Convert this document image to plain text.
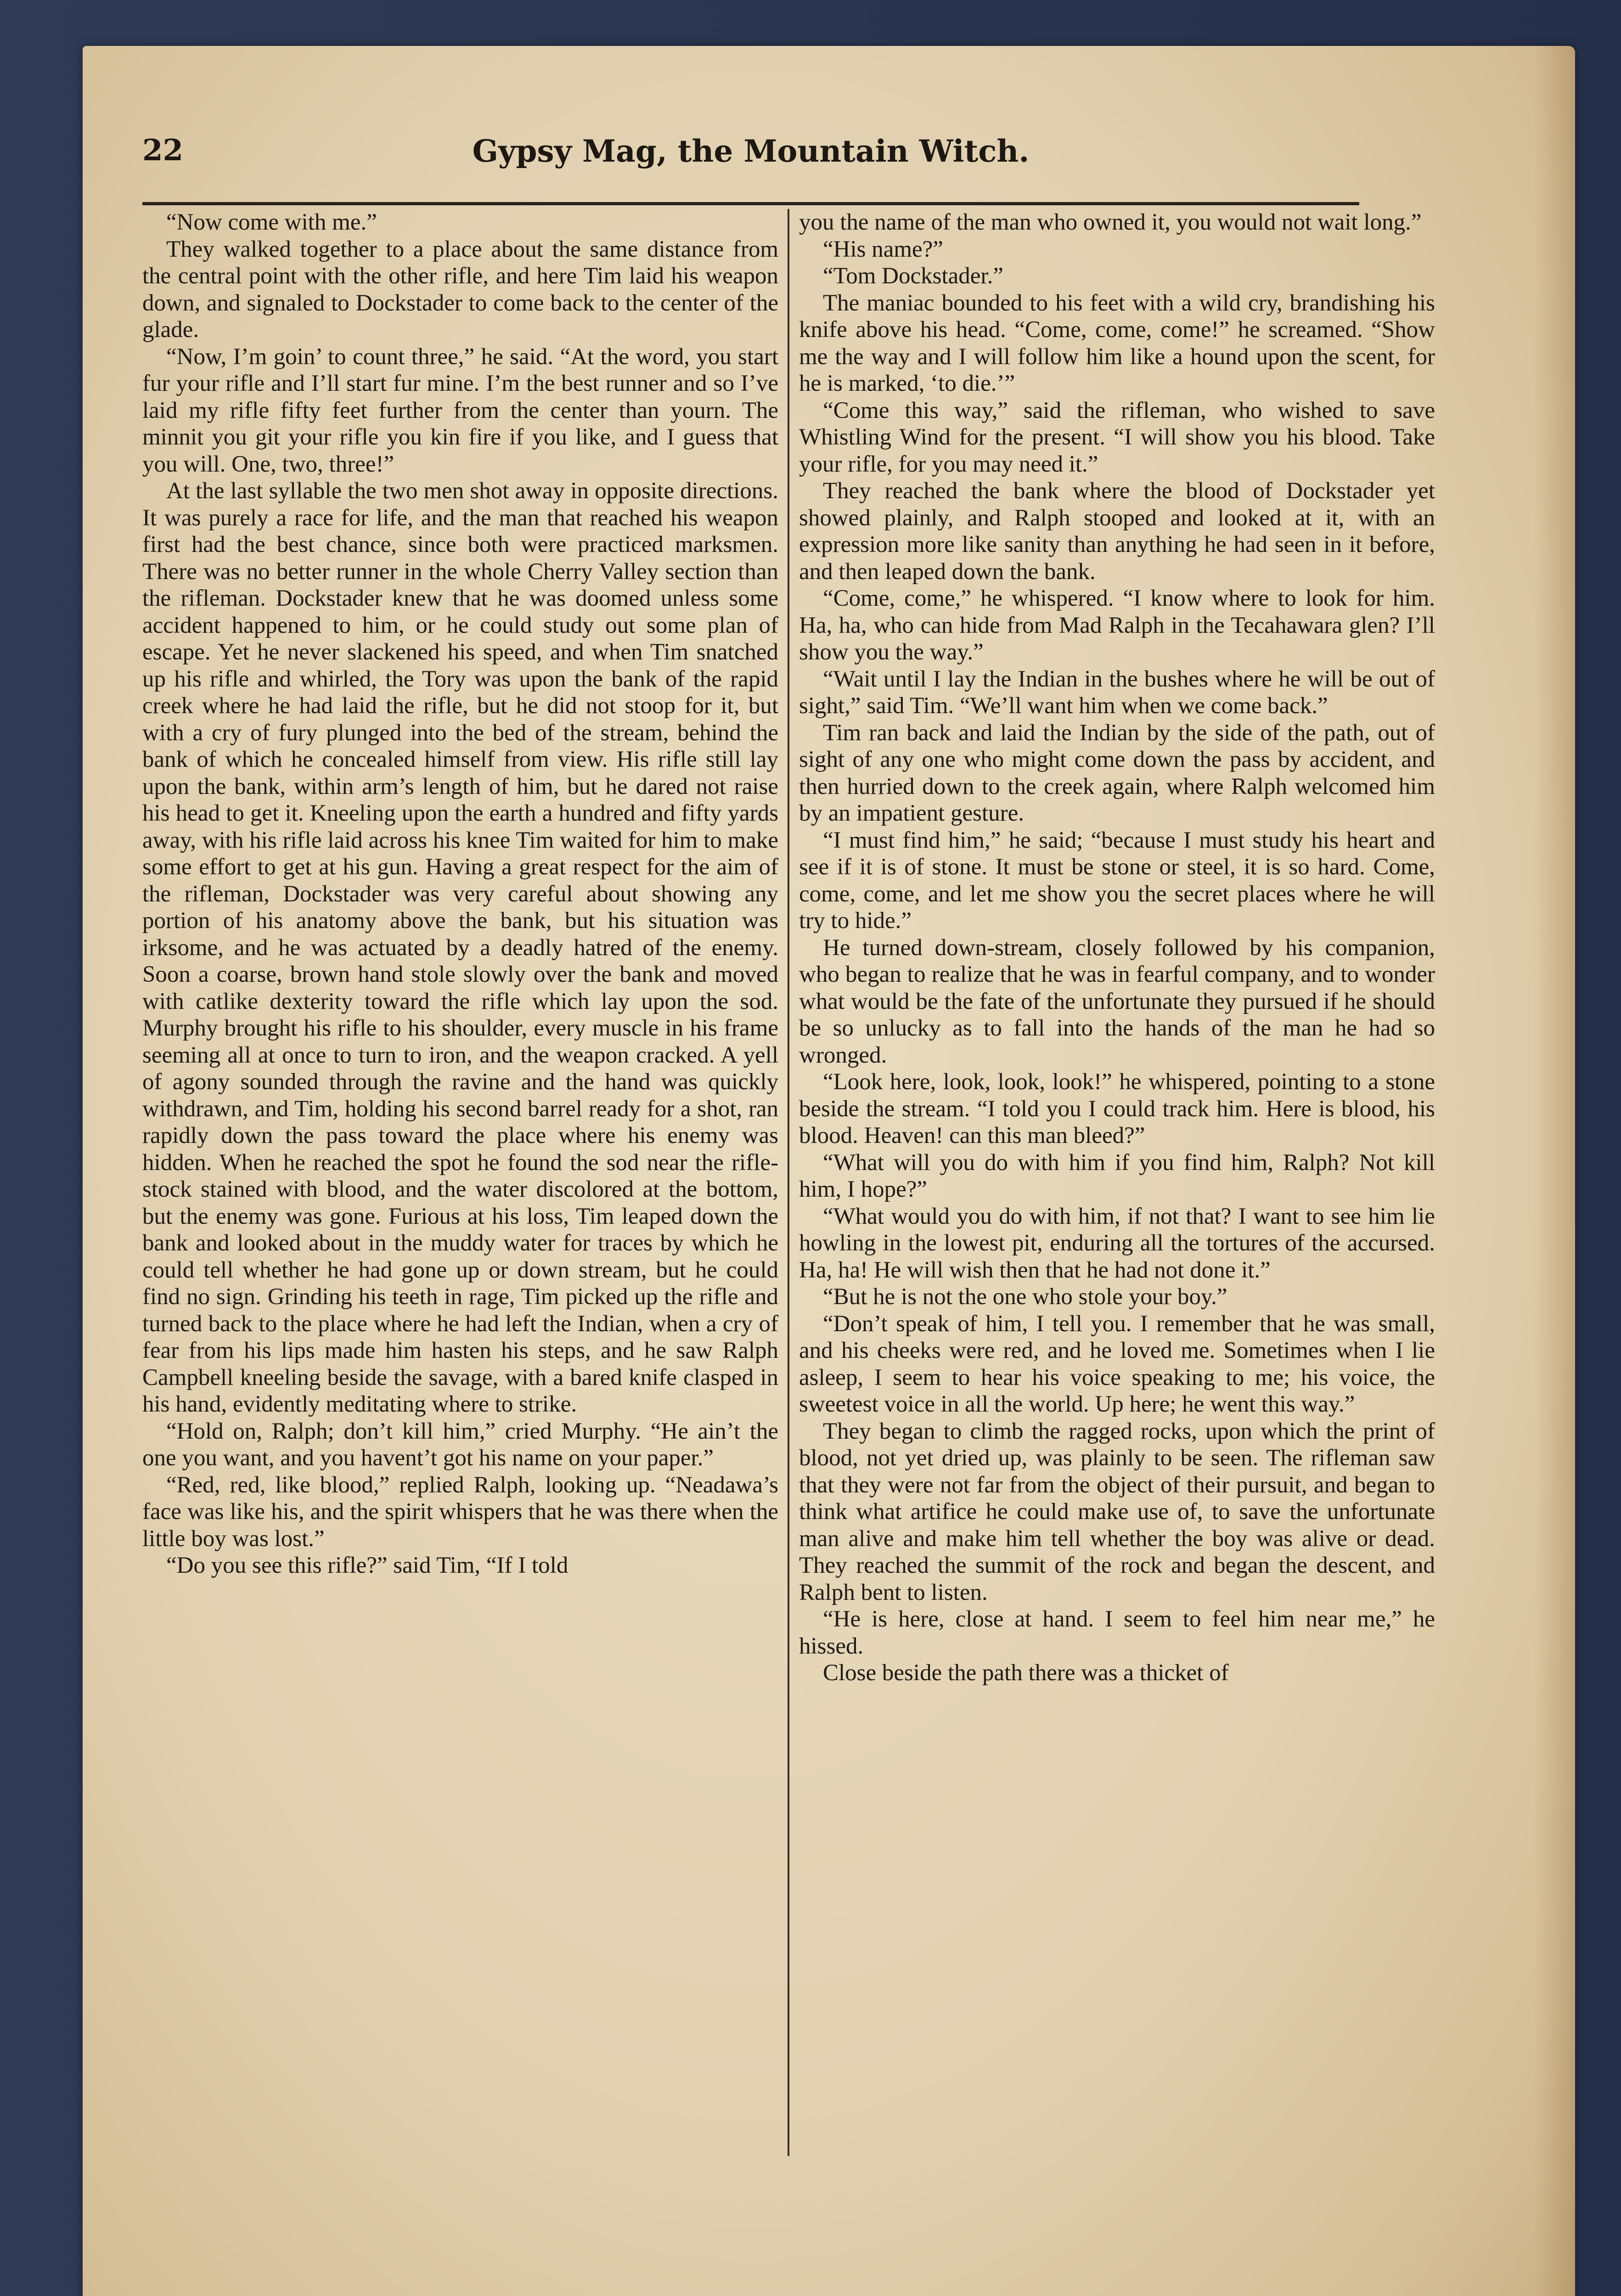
22	Gypsy Mag, the Mountain Witch.

“Now come with me.”

They walked together to a place about the same distance from the central point with the other rifle, and here Tim laid his weapon down, and signaled to Dockstader to come back to the center of the glade.

“Now, I’m goin’ to count three,” he said. “At the word, you start fur your rifle and I’ll start fur mine. I’m the best runner and so I’ve laid my rifle fifty feet further from the center than yourn. The minnit you git your rifle you kin fire if you like, and I guess that you will. One, two, three!”

At the last syllable the two men shot away in opposite directions. It was purely a race for life, and the man that reached his weapon first had the best chance, since both were practiced marksmen. There was no better runner in the whole Cherry Valley section than the rifleman. Dockstader knew that he was doomed unless some accident happened to him, or he could study out some plan of escape. Yet he never slackened his speed, and when Tim snatched up his rifle and whirled, the Tory was upon the bank of the rapid creek where he had laid the rifle, but he did not stoop for it, but with a cry of fury plunged into the bed of the stream, behind the bank of which he concealed himself from view. His rifle still lay upon the bank, within arm’s length of him, but he dared not raise his head to get it. Kneeling upon the earth a hundred and fifty yards away, with his rifle laid across his knee Tim waited for him to make some effort to get at his gun. Having a great respect for the aim of the rifleman, Dockstader was very careful about showing any portion of his anatomy above the bank, but his situation was irksome, and he was actuated by a deadly hatred of the enemy. Soon a coarse, brown hand stole slowly over the bank and moved with catlike dexterity toward the rifle which lay upon the sod. Murphy brought his rifle to his shoulder, every muscle in his frame seeming all at once to turn to iron, and the weapon cracked. A yell of agony sounded through the ravine and the hand was quickly withdrawn, and Tim, holding his second barrel ready for a shot, ran rapidly down the pass toward the place where his enemy was hidden. When he reached the spot he found the sod near the rifle-stock stained with blood, and the water discolored at the bottom, but the enemy was gone. Furious at his loss, Tim leaped down the bank and looked about in the muddy water for traces by which he could tell whether he had gone up or down stream, but he could find no sign. Grinding his teeth in rage, Tim picked up the rifle and turned back to the place where he had left the Indian, when a cry of fear from his lips made him hasten his steps, and he saw Ralph Campbell kneeling beside the savage, with a bared knife clasped in his hand, evidently meditating where to strike.

“Hold on, Ralph; don’t kill him,” cried Murphy. “He ain’t the one you want, and you havent’t got his name on your paper.”

“Red, red, like blood,” replied Ralph, looking up. “Neadawa’s face was like his, and the spirit whispers that he was there when the little boy was lost.”

“Do you see this rifle?” said Tim, “If I told

you the name of the man who owned it, you would not wait long.”

“His name?”

“Tom Dockstader.”

The maniac bounded to his feet with a wild cry, brandishing his knife above his head. “Come, come, come!” he screamed. “Show me the way and I will follow him like a hound upon the scent, for he is marked, ‘to die.’”

“Come this way,” said the rifleman, who wished to save Whistling Wind for the present. “I will show you his blood. Take your rifle, for you may need it.”

They reached the bank where the blood of Dockstader yet showed plainly, and Ralph stooped and looked at it, with an expression more like sanity than anything he had seen in it before, and then leaped down the bank.

“Come, come,” he whispered. “I know where to look for him. Ha, ha, who can hide from Mad Ralph in the Tecahawara glen? I’ll show you the way.”

“Wait until I lay the Indian in the bushes where he will be out of sight,” said Tim. “We’ll want him when we come back.”

Tim ran back and laid the Indian by the side of the path, out of sight of any one who might come down the pass by accident, and then hurried down to the creek again, where Ralph welcomed him by an impatient gesture.

“I must find him,” he said; “because I must study his heart and see if it is of stone. It must be stone or steel, it is so hard. Come, come, come, and let me show you the secret places where he will try to hide.”

He turned down-stream, closely followed by his companion, who began to realize that he was in fearful company, and to wonder what would be the fate of the unfortunate they pursued if he should be so unlucky as to fall into the hands of the man he had so wronged.

“Look here, look, look, look!” he whispered, pointing to a stone beside the stream. “I told you I could track him. Here is blood, his blood. Heaven! can this man bleed?”

“What will you do with him if you find him, Ralph? Not kill him, I hope?”

“What would you do with him, if not that? I want to see him lie howling in the lowest pit, enduring all the tortures of the accursed. Ha, ha! He will wish then that he had not done it.”

“But he is not the one who stole your boy.”

“Don’t speak of him, I tell you. I remember that he was small, and his cheeks were red, and he loved me. Sometimes when I lie asleep, I seem to hear his voice speaking to me; his voice, the sweetest voice in all the world. Up here; he went this way.”

They began to climb the ragged rocks, upon which the print of blood, not yet dried up, was plainly to be seen. The rifleman saw that they were not far from the object of their pursuit, and began to think what artifice he could make use of, to save the unfortunate man alive and make him tell whether the boy was alive or dead. They reached the summit of the rock and began the descent, and Ralph bent to listen.

“He is here, close at hand. I seem to feel him near me,” he hissed.

Close beside the path there was a thicket of
